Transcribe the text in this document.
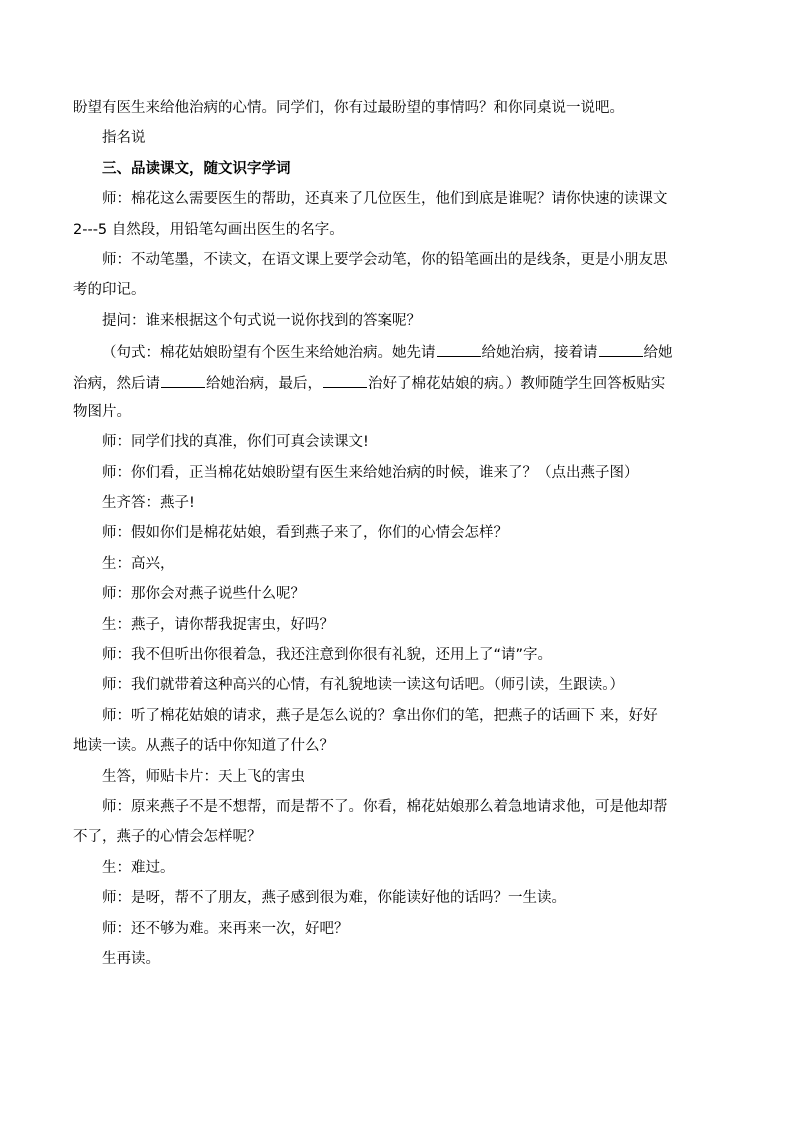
盼望有医生来给他治病的心情。同学们，你有过最盼望的事情吗？和你同桌说一说吧。
指名说
三、品读课文，随文识字学词
师：棉花这么需要医生的帮助，还真来了几位医生，他们到底是谁呢？请你快速的读课文
2---5 自然段，用铅笔勾画出医生的名字。
师：不动笔墨，不读文，在语文课上要学会动笔，你的铅笔画出的是线条，更是小朋友思
考的印记。
提问：谁来根据这个句式说一说你找到的答案呢？
（句式：棉花姑娘盼望有个医生来给她治病。她先请	给她治病，接着请	给她
治病，然后请	给她治病，最后，	治好了棉花姑娘的病。）教师随学生回答板贴实
物图片。
师：同学们找的真准，你们可真会读课文!
师：你们看，正当棉花姑娘盼望有医生来给她治病的时候，谁来了？（点出燕子图）
生齐答：燕子!
师：假如你们是棉花姑娘，看到燕子来了，你们的心情会怎样？
生：高兴，
师：那你会对燕子说些什么呢？
生：燕子，请你帮我捉害虫，好吗？
师：我不但听出你很着急，我还注意到你很有礼貌，还用上了“请”字。
师：我们就带着这种高兴的心情，有礼貌地读一读这句话吧。（师引读，生跟读。）
师：听了棉花姑娘的请求，燕子是怎么说的？拿出你们的笔，把燕子的话画下 来，好好
地读一读。从燕子的话中你知道了什么？
生答，师贴卡片：天上飞的害虫
师：原来燕子不是不想帮，而是帮不了。你看，棉花姑娘那么着急地请求他，可是他却帮
不了，燕子的心情会怎样呢？
生：难过。
师：是呀，帮不了朋友，燕子感到很为难，你能读好他的话吗？一生读。
师：还不够为难。来再来一次，好吧？
生再读。
